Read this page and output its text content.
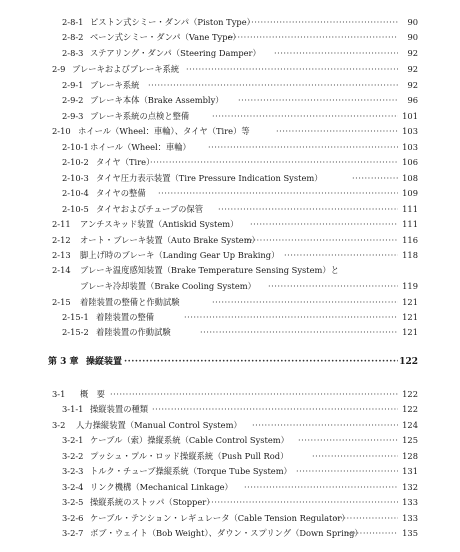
2-8-1 ピストン式シミー・ダンパ（Piston Type） ·····	90
2-8-2 ベーン式シミー・ダンパ（Vane Type） ·····	90
2-8-3 ステアリング・ダンパ（Steering Damper） ·····	92
2-9 ブレーキおよびブレーキ系統 ·····	92
2-9-1 ブレーキ系統 ·····	92
2-9-2 ブレーキ本体（Brake Assembly） ·····	96
2-9-3 ブレーキ系統の点検と整備 ·····	101
2-10 ホイール（Wheel：車輪）、タイヤ（Tire）等 ·····	103
2-10-1 ホイール（Wheel：車輪） ·····	103
2-10-2 タイヤ（Tire） ·····	106
2-10-3 タイヤ圧力表示装置（Tire Pressure Indication System） ·····	108
2-10-4 タイヤの整備 ·····	109
2-10-5 タイヤおよびチューブの保管 ·····	111
2-11 アンチスキッド装置（Antiskid System） ·····	111
2-12 オート・ブレーキ装置（Auto Brake System） ·····	116
2-13 脚上げ時のブレーキ（Landing Gear Up Braking） ·····	118
2-14 ブレーキ温度感知装置（Brake Temperature Sensing System）と
ブレーキ冷却装置（Brake Cooling System） ·····	119
2-15 着陸装置の整備と作動試験 ·····	121
2-15-1 着陸装置の整備 ·····	121
2-15-2 着陸装置の作動試験 ·····	121
第 3 章 操縦装置 ·····	122
3-1 概　要 ·····	122
3-1-1 操縦装置の種類 ·····	122
3-2 人力操縦装置（Manual Control System） ·····	124
3-2-1 ケーブル（索）操縦系統（Cable Control System） ·····	125
3-2-2 プッシュ・プル・ロッド操縦系統（Push Pull Rod） ·····	128
3-2-3 トルク・チューブ操縦系統（Torque Tube System） ·····	131
3-2-4 リンク機構（Mechanical Linkage） ·····	132
3-2-5 操縦系統のストッパ（Stopper） ·····	133
3-2-6 ケーブル・テンション・レギュレータ（Cable Tension Regulator） ·····	133
3-2-7 ボブ・ウェイト（Bob Weight）、ダウン・スプリング（Down Spring） ·····	135
